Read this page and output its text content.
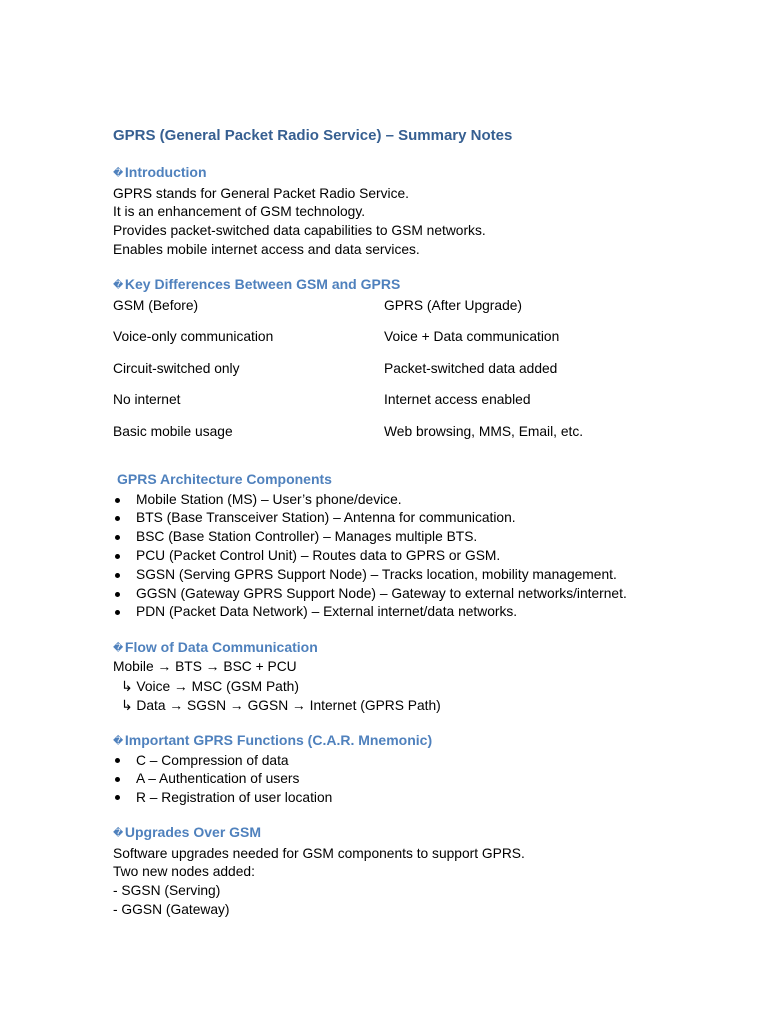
GPRS (General Packet Radio Service) – Summary Notes
� Introduction
GPRS stands for General Packet Radio Service.
It is an enhancement of GSM technology.
Provides packet-switched data capabilities to GSM networks.
Enables mobile internet access and data services.
� Key Differences Between GSM and GPRS
GSM (Before)	GPRS (After Upgrade)
Voice-only communication	Voice + Data communication
Circuit-switched only	Packet-switched data added
No internet	Internet access enabled
Basic mobile usage	Web browsing, MMS, Email, etc.
GPRS Architecture Components
Mobile Station (MS) – User’s phone/device.
BTS (Base Transceiver Station) – Antenna for communication.
BSC (Base Station Controller) – Manages multiple BTS.
PCU (Packet Control Unit) – Routes data to GPRS or GSM.
SGSN (Serving GPRS Support Node) – Tracks location, mobility management.
GGSN (Gateway GPRS Support Node) – Gateway to external networks/internet.
PDN (Packet Data Network) – External internet/data networks.
� Flow of Data Communication
Mobile → BTS → BSC + PCU
↳ Voice → MSC (GSM Path)
↳ Data → SGSN → GGSN → Internet (GPRS Path)
� Important GPRS Functions (C.A.R. Mnemonic)
C – Compression of data
A – Authentication of users
R – Registration of user location
� Upgrades Over GSM
Software upgrades needed for GSM components to support GPRS.
Two new nodes added:
- SGSN (Serving)
- GGSN (Gateway)
